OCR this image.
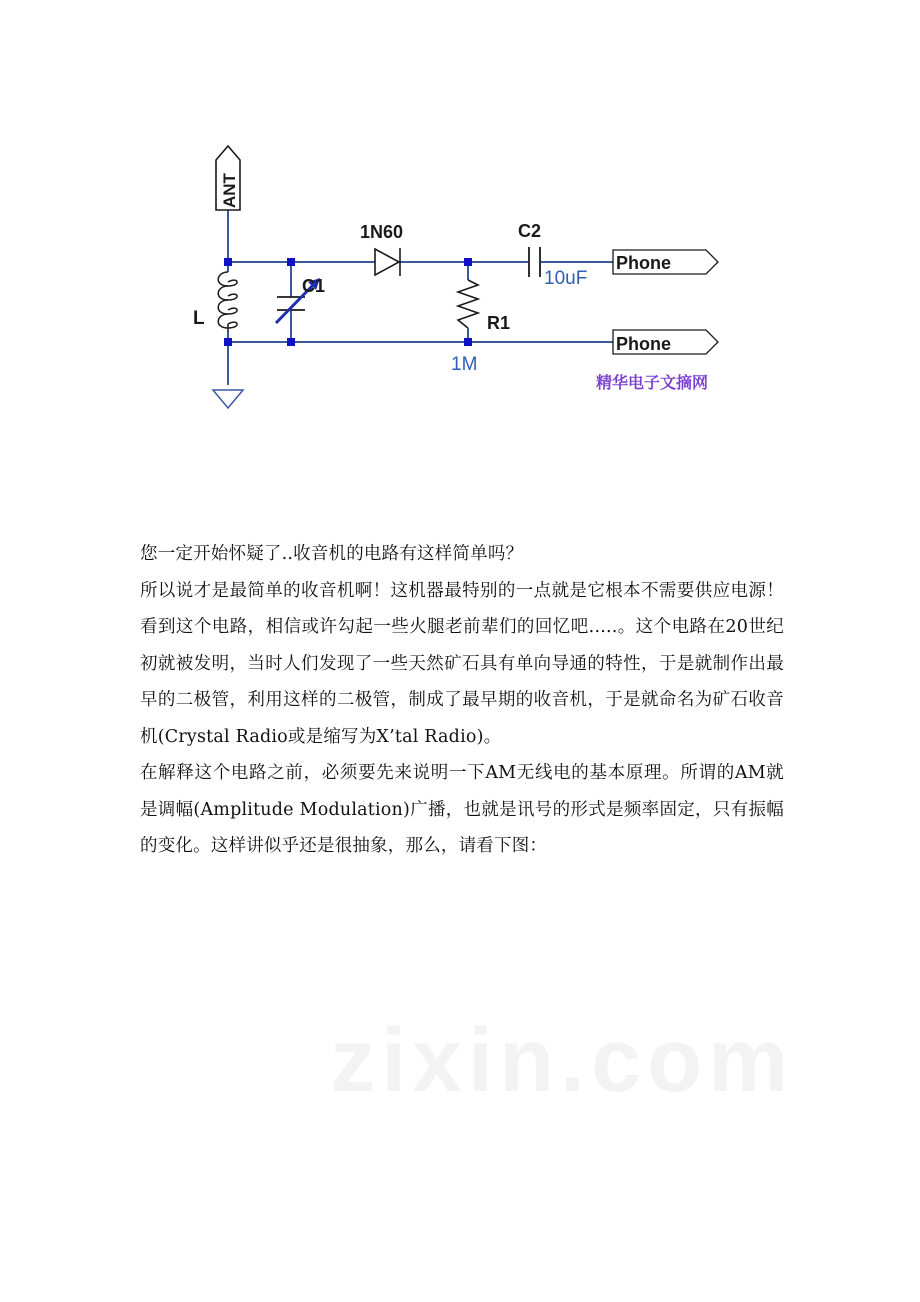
zixin.com
ANT
L
C1
1N60	C2
10uF
R1
1M
Phone
Phone
精华电子文摘网

您一定开始怀疑了..收音机的电路有这样简单吗？

所以说才是最简单的收音机啊！这机器最特别的一点就是它根本不需要供应电源！看到这个电路，相信或许勾起一些火腿老前辈们的回忆吧.....。这个电路在20世纪初就被发明，当时人们发现了一些天然矿石具有单向导通的特性，于是就制作出最早的二极管，利用这样的二极管，制成了最早期的收音机，于是就命名为矿石收音机(Crystal Radio或是缩写为X’tal Radio)。

在解释这个电路之前，必须要先来说明一下AM无线电的基本原理。所谓的AM就是调幅(Amplitude Modulation)广播，也就是讯号的形式是频率固定，只有振幅的变化。这样讲似乎还是很抽象，那么，请看下图：
